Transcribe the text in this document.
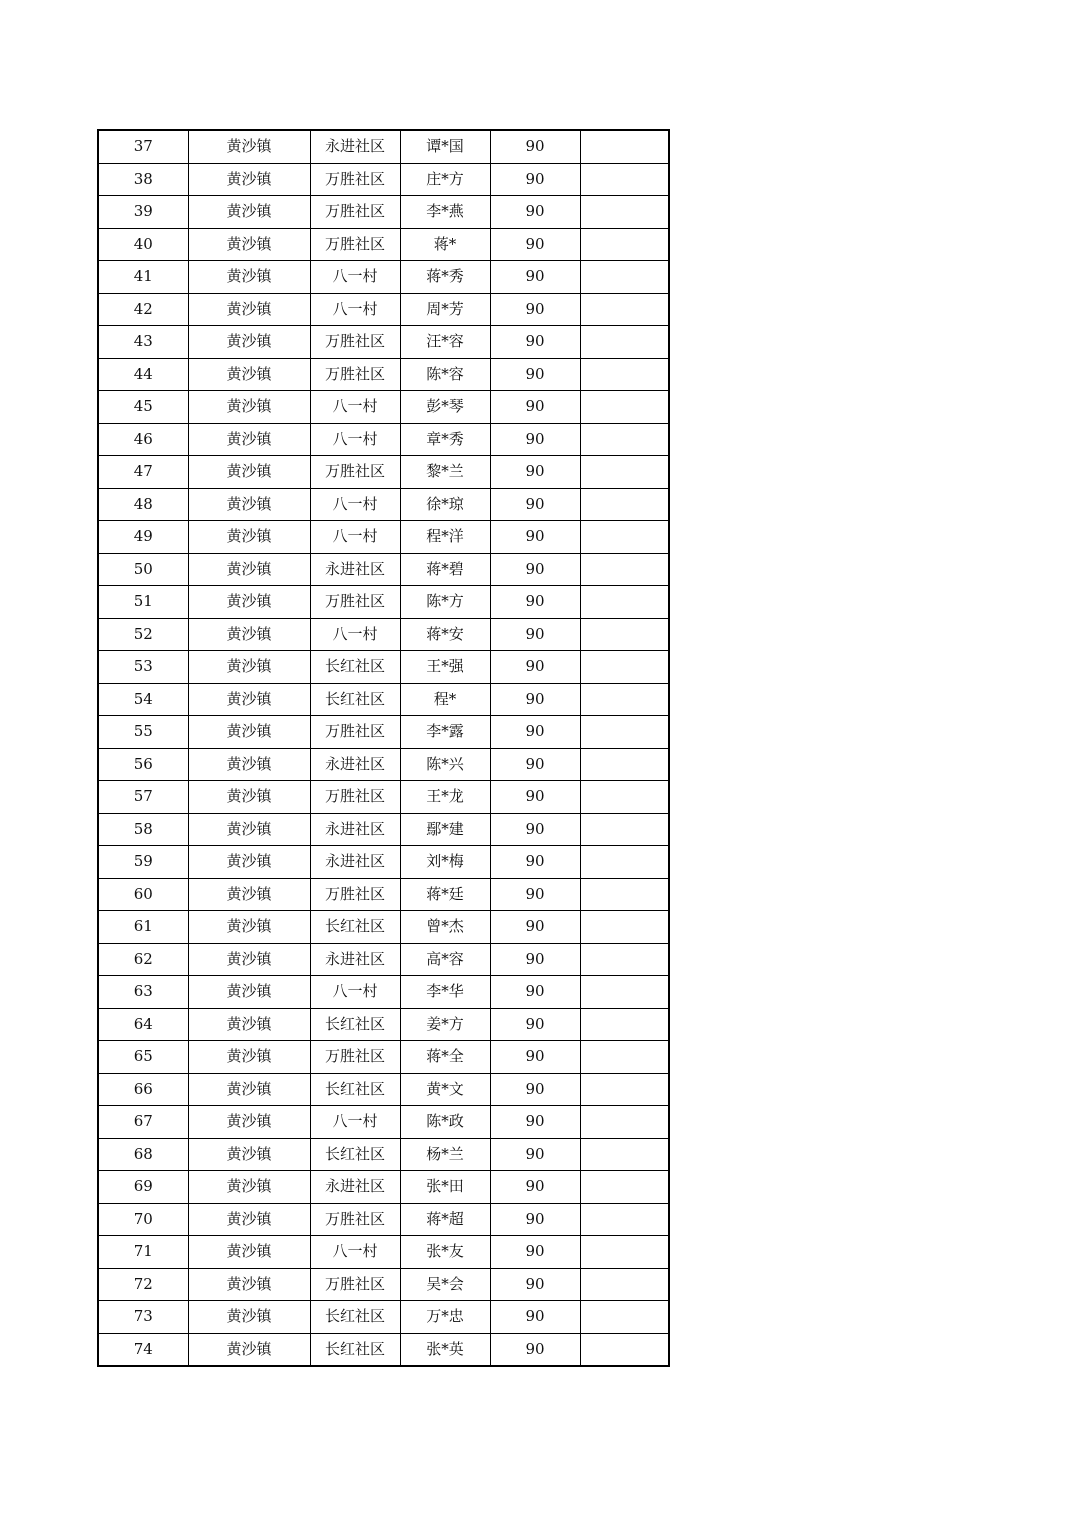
37	黄沙镇	永进社区	谭*国	90	
38	黄沙镇	万胜社区	庄*方	90	
39	黄沙镇	万胜社区	李*燕	90	
40	黄沙镇	万胜社区	蒋*	90	
41	黄沙镇	八一村	蒋*秀	90	
42	黄沙镇	八一村	周*芳	90	
43	黄沙镇	万胜社区	汪*容	90	
44	黄沙镇	万胜社区	陈*容	90	
45	黄沙镇	八一村	彭*琴	90	
46	黄沙镇	八一村	章*秀	90	
47	黄沙镇	万胜社区	黎*兰	90	
48	黄沙镇	八一村	徐*琼	90	
49	黄沙镇	八一村	程*洋	90	
50	黄沙镇	永进社区	蒋*碧	90	
51	黄沙镇	万胜社区	陈*方	90	
52	黄沙镇	八一村	蒋*安	90	
53	黄沙镇	长红社区	王*强	90	
54	黄沙镇	长红社区	程*	90	
55	黄沙镇	万胜社区	李*露	90	
56	黄沙镇	永进社区	陈*兴	90	
57	黄沙镇	万胜社区	王*龙	90	
58	黄沙镇	永进社区	鄢*建	90	
59	黄沙镇	永进社区	刘*梅	90	
60	黄沙镇	万胜社区	蒋*廷	90	
61	黄沙镇	长红社区	曾*杰	90	
62	黄沙镇	永进社区	高*容	90	
63	黄沙镇	八一村	李*华	90	
64	黄沙镇	长红社区	姜*方	90	
65	黄沙镇	万胜社区	蒋*全	90	
66	黄沙镇	长红社区	黄*文	90	
67	黄沙镇	八一村	陈*政	90	
68	黄沙镇	长红社区	杨*兰	90	
69	黄沙镇	永进社区	张*田	90	
70	黄沙镇	万胜社区	蒋*超	90	
71	黄沙镇	八一村	张*友	90	
72	黄沙镇	万胜社区	吴*会	90	
73	黄沙镇	长红社区	万*忠	90	
74	黄沙镇	长红社区	张*英	90	
